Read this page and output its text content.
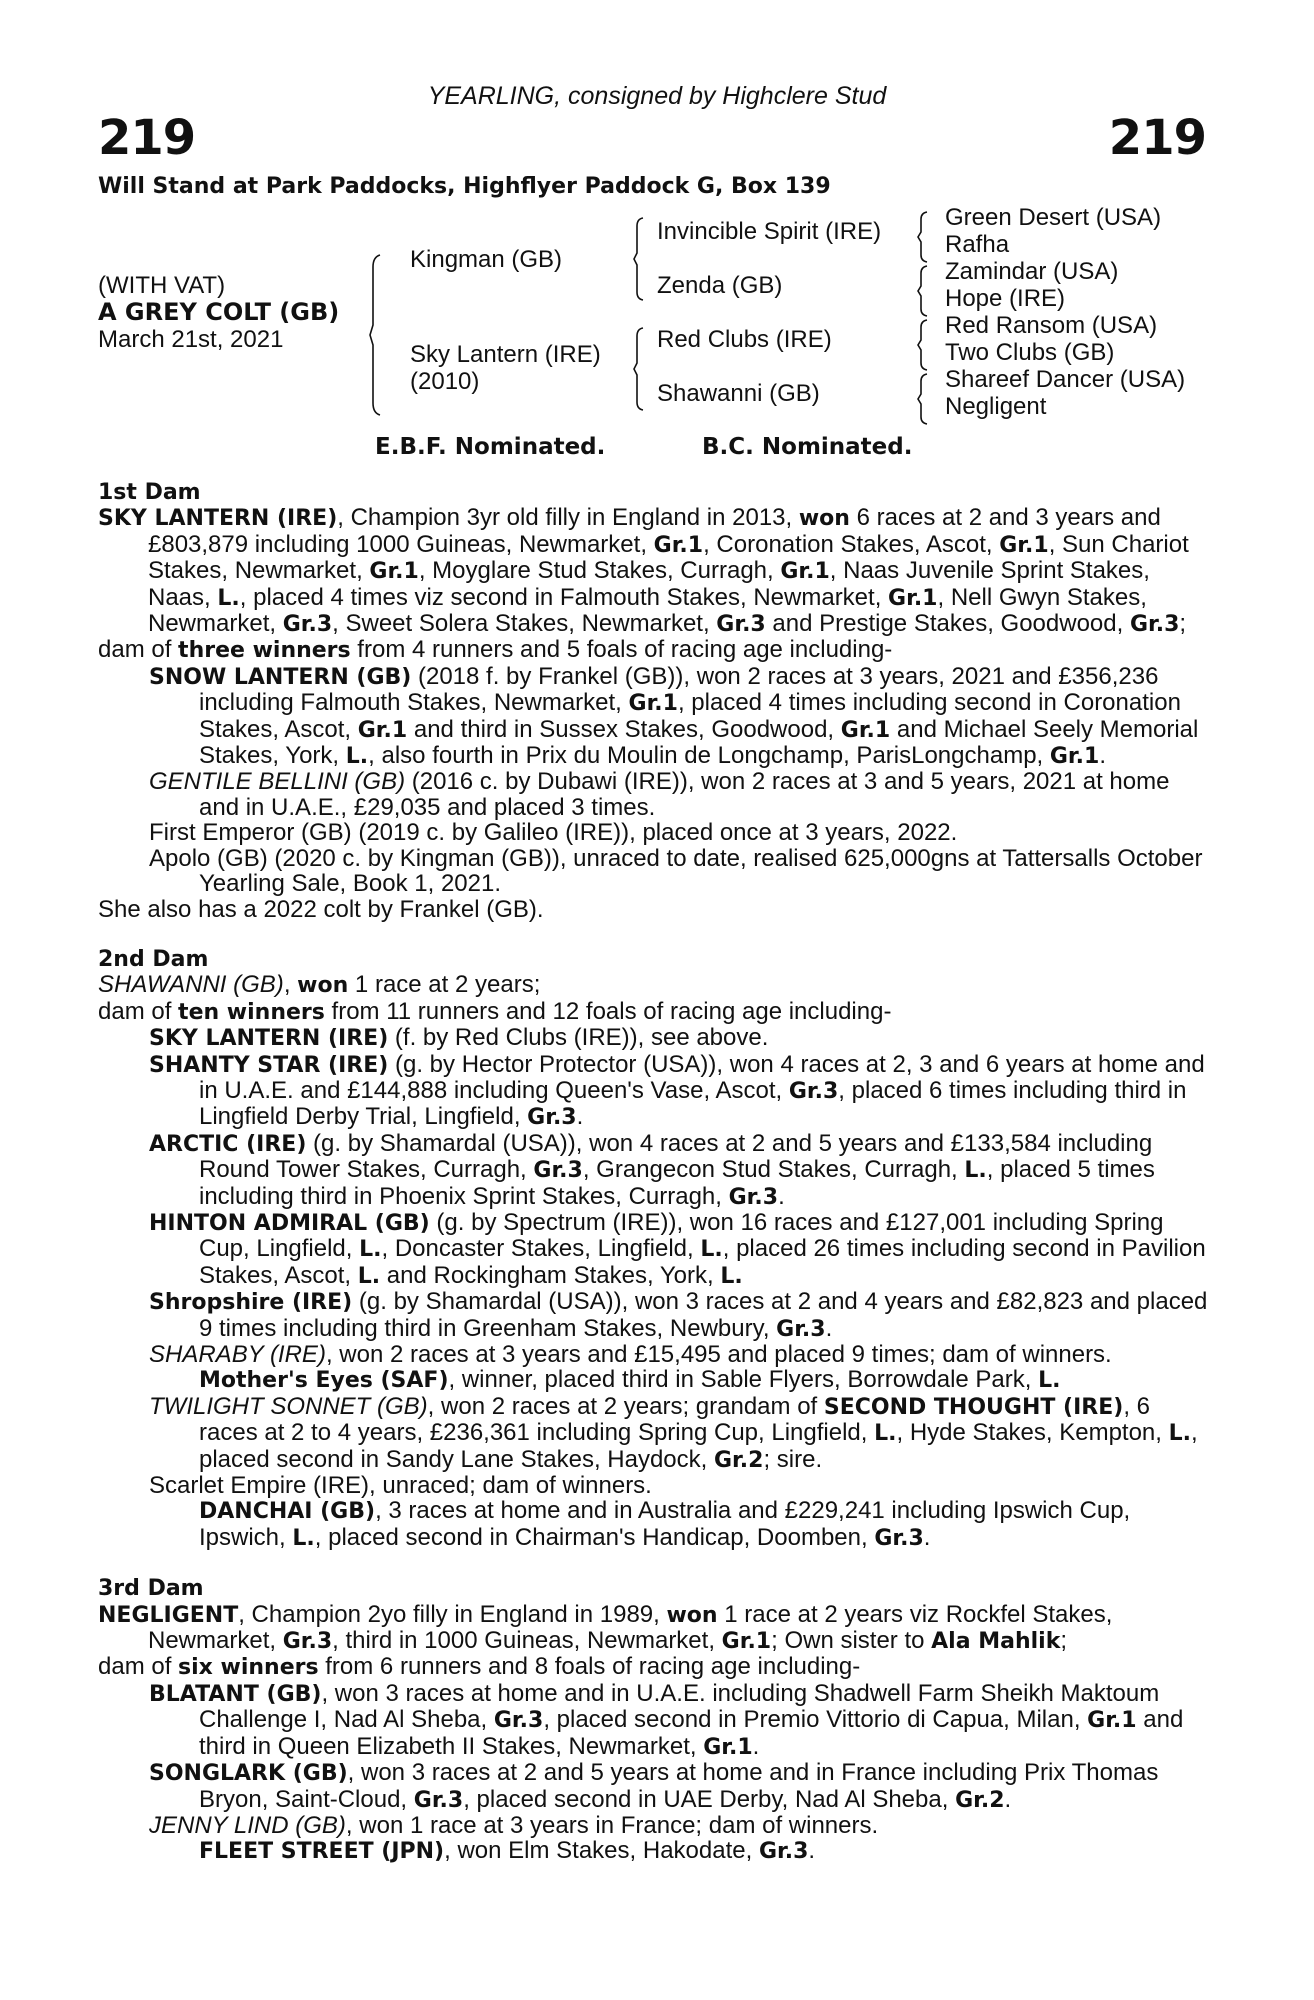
YEARLING, consigned by Highclere Stud
219	219
Will Stand at Park Paddocks, Highflyer Paddock G, Box 139
(WITH VAT)
A GREY COLT (GB)
March 21st, 2021
Kingman (GB)
Sky Lantern (IRE)
(2010)
Invincible Spirit (IRE)
Zenda (GB)
Red Clubs (IRE)
Shawanni (GB)
Green Desert (USA)
Rafha
Zamindar (USA)
Hope (IRE)
Red Ransom (USA)
Two Clubs (GB)
Shareef Dancer (USA)
Negligent
E.B.F. Nominated.	B.C. Nominated.
1st Dam

SKY LANTERN (IRE), Champion 3yr old filly in England in 2013, won 6 races at 2 and 3 years and £803,879 including 1000 Guineas, Newmarket, Gr.1, Coronation Stakes, Ascot, Gr.1, Sun Chariot Stakes, Newmarket, Gr.1, Moyglare Stud Stakes, Curragh, Gr.1, Naas Juvenile Sprint Stakes, Naas, L., placed 4 times viz second in Falmouth Stakes, Newmarket, Gr.1, Nell Gwyn Stakes, Newmarket, Gr.3, Sweet Solera Stakes, Newmarket, Gr.3 and Prestige Stakes, Goodwood, Gr.3;

dam of three winners from 4 runners and 5 foals of racing age including-

SNOW LANTERN (GB) (2018 f. by Frankel (GB)), won 2 races at 3 years, 2021 and £356,236 including Falmouth Stakes, Newmarket, Gr.1, placed 4 times including second in Coronation Stakes, Ascot, Gr.1 and third in Sussex Stakes, Goodwood, Gr.1 and Michael Seely Memorial Stakes, York, L., also fourth in Prix du Moulin de Longchamp, ParisLongchamp, Gr.1.

GENTILE BELLINI (GB) (2016 c. by Dubawi (IRE)), won 2 races at 3 and 5 years, 2021 at home and in U.A.E., £29,035 and placed 3 times.

First Emperor (GB) (2019 c. by Galileo (IRE)), placed once at 3 years, 2022.

Apolo (GB) (2020 c. by Kingman (GB)), unraced to date, realised 625,000gns at Tattersalls October Yearling Sale, Book 1, 2021.

She also has a 2022 colt by Frankel (GB).

2nd Dam

SHAWANNI (GB), won 1 race at 2 years;

dam of ten winners from 11 runners and 12 foals of racing age including-

SKY LANTERN (IRE) (f. by Red Clubs (IRE)), see above.

SHANTY STAR (IRE) (g. by Hector Protector (USA)), won 4 races at 2, 3 and 6 years at home and in U.A.E. and £144,888 including Queen's Vase, Ascot, Gr.3, placed 6 times including third in Lingfield Derby Trial, Lingfield, Gr.3.

ARCTIC (IRE) (g. by Shamardal (USA)), won 4 races at 2 and 5 years and £133,584 including Round Tower Stakes, Curragh, Gr.3, Grangecon Stud Stakes, Curragh, L., placed 5 times including third in Phoenix Sprint Stakes, Curragh, Gr.3.

HINTON ADMIRAL (GB) (g. by Spectrum (IRE)), won 16 races and £127,001 including Spring Cup, Lingfield, L., Doncaster Stakes, Lingfield, L., placed 26 times including second in Pavilion Stakes, Ascot, L. and Rockingham Stakes, York, L.

Shropshire (IRE) (g. by Shamardal (USA)), won 3 races at 2 and 4 years and £82,823 and placed 9 times including third in Greenham Stakes, Newbury, Gr.3.

SHARABY (IRE), won 2 races at 3 years and £15,495 and placed 9 times; dam of winners.

Mother's Eyes (SAF), winner, placed third in Sable Flyers, Borrowdale Park, L.

TWILIGHT SONNET (GB), won 2 races at 2 years; grandam of SECOND THOUGHT (IRE), 6 races at 2 to 4 years, £236,361 including Spring Cup, Lingfield, L., Hyde Stakes, Kempton, L., placed second in Sandy Lane Stakes, Haydock, Gr.2; sire.

Scarlet Empire (IRE), unraced; dam of winners.

DANCHAI (GB), 3 races at home and in Australia and £229,241 including Ipswich Cup, Ipswich, L., placed second in Chairman's Handicap, Doomben, Gr.3.

3rd Dam

NEGLIGENT, Champion 2yo filly in England in 1989, won 1 race at 2 years viz Rockfel Stakes, Newmarket, Gr.3, third in 1000 Guineas, Newmarket, Gr.1; Own sister to Ala Mahlik;

dam of six winners from 6 runners and 8 foals of racing age including-

BLATANT (GB), won 3 races at home and in U.A.E. including Shadwell Farm Sheikh Maktoum Challenge I, Nad Al Sheba, Gr.3, placed second in Premio Vittorio di Capua, Milan, Gr.1 and third in Queen Elizabeth II Stakes, Newmarket, Gr.1.

SONGLARK (GB), won 3 races at 2 and 5 years at home and in France including Prix Thomas Bryon, Saint-Cloud, Gr.3, placed second in UAE Derby, Nad Al Sheba, Gr.2.

JENNY LIND (GB), won 1 race at 3 years in France; dam of winners.

FLEET STREET (JPN), won Elm Stakes, Hakodate, Gr.3.
